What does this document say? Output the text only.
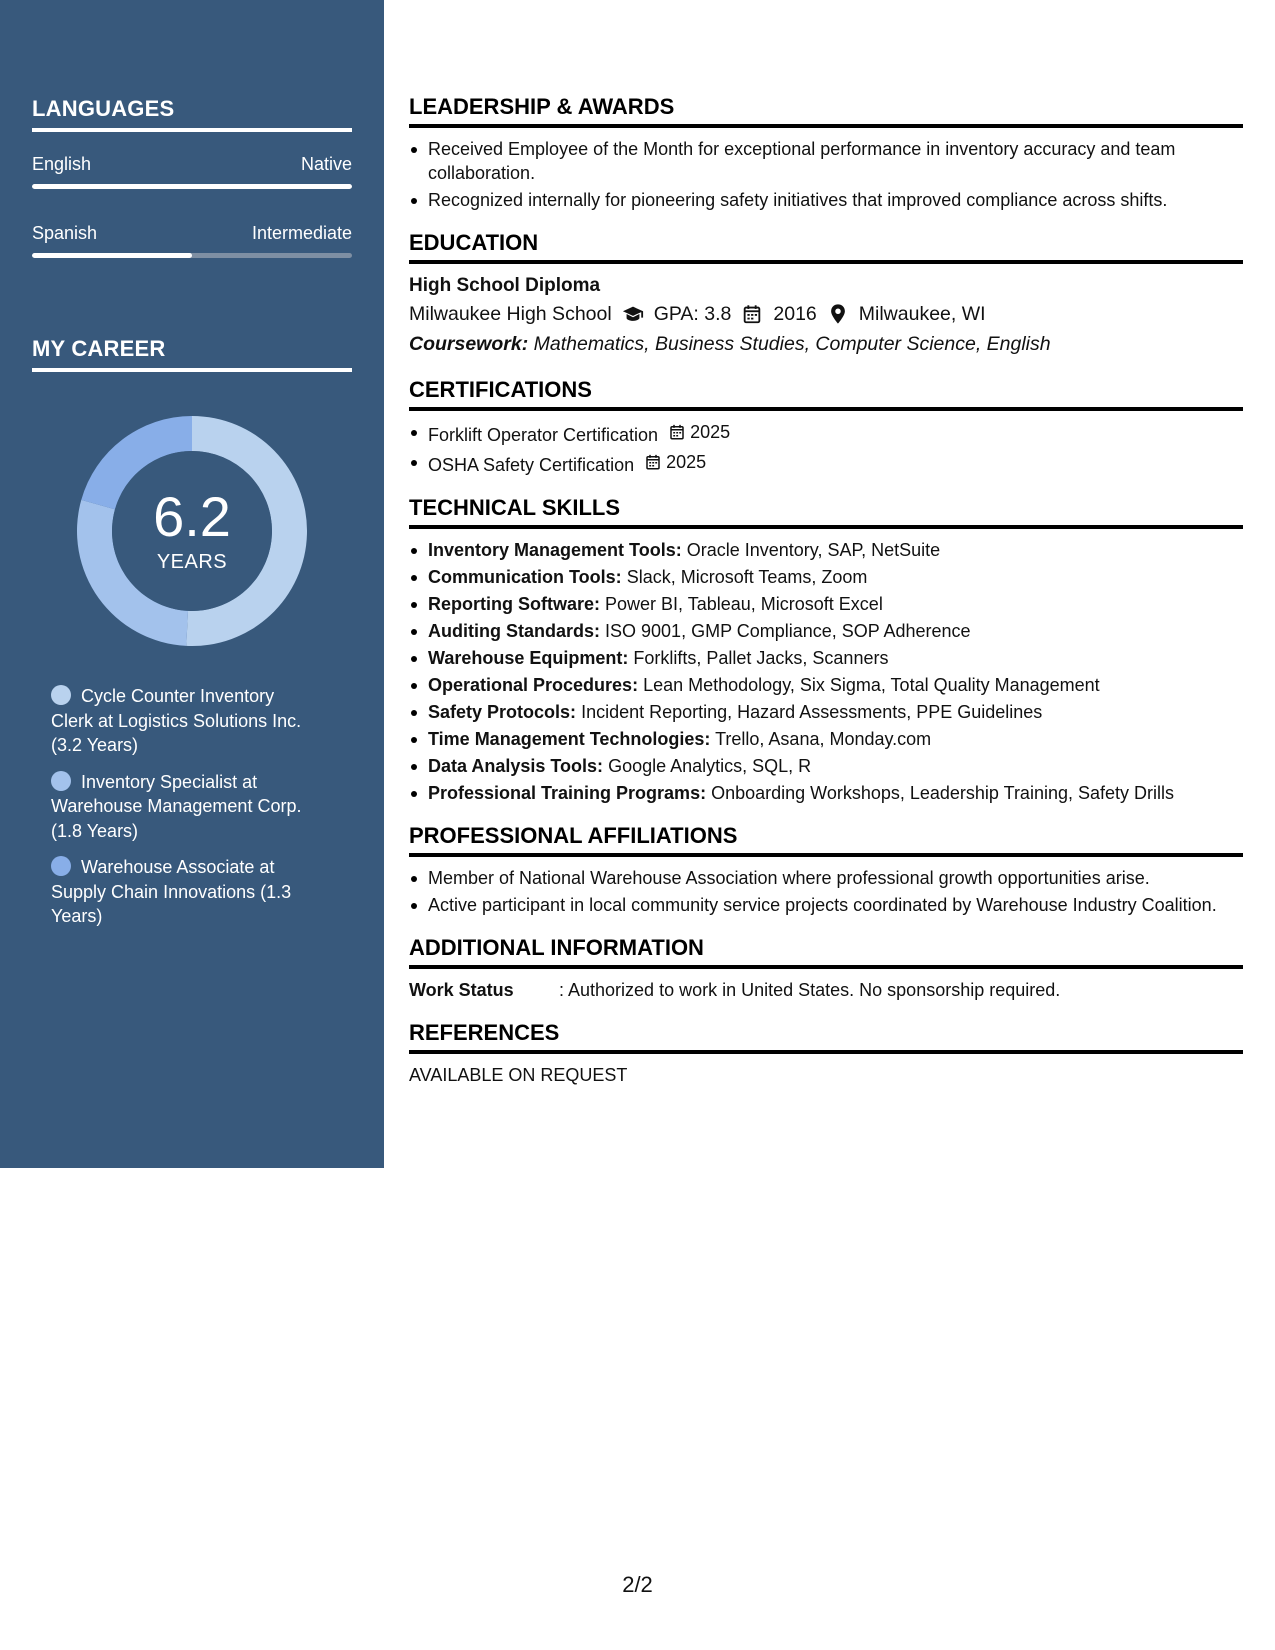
LANGUAGES
English	Native
Spanish	Intermediate
MY CAREER
6.2
YEARS
Cycle Counter Inventory Clerk at Logistics Solutions Inc. (3.2 Years)
Inventory Specialist at Warehouse Management Corp. (1.8 Years)
Warehouse Associate at Supply Chain Innovations (1.3 Years)
LEADERSHIP & AWARDS
Received Employee of the Month for exceptional performance in inventory accuracy and team collaboration.
Recognized internally for pioneering safety initiatives that improved compliance across shifts.
EDUCATION
High School Diploma
Milwaukee High School GPA: 3.8 2016 Milwaukee, WI
Coursework: Mathematics, Business Studies, Computer Science, English
CERTIFICATIONS
Forklift Operator Certification 2025
OSHA Safety Certification 2025
TECHNICAL SKILLS
Inventory Management Tools: Oracle Inventory, SAP, NetSuite
Communication Tools: Slack, Microsoft Teams, Zoom
Reporting Software: Power BI, Tableau, Microsoft Excel
Auditing Standards: ISO 9001, GMP Compliance, SOP Adherence
Warehouse Equipment: Forklifts, Pallet Jacks, Scanners
Operational Procedures: Lean Methodology, Six Sigma, Total Quality Management
Safety Protocols: Incident Reporting, Hazard Assessments, PPE Guidelines
Time Management Technologies: Trello, Asana, Monday.com
Data Analysis Tools: Google Analytics, SQL, R
Professional Training Programs: Onboarding Workshops, Leadership Training, Safety Drills
PROFESSIONAL AFFILIATIONS
Member of National Warehouse Association where professional growth opportunities arise.
Active participant in local community service projects coordinated by Warehouse Industry Coalition.
ADDITIONAL INFORMATION
Work Status	: Authorized to work in United States. No sponsorship required.
REFERENCES
AVAILABLE ON REQUEST
2/2
